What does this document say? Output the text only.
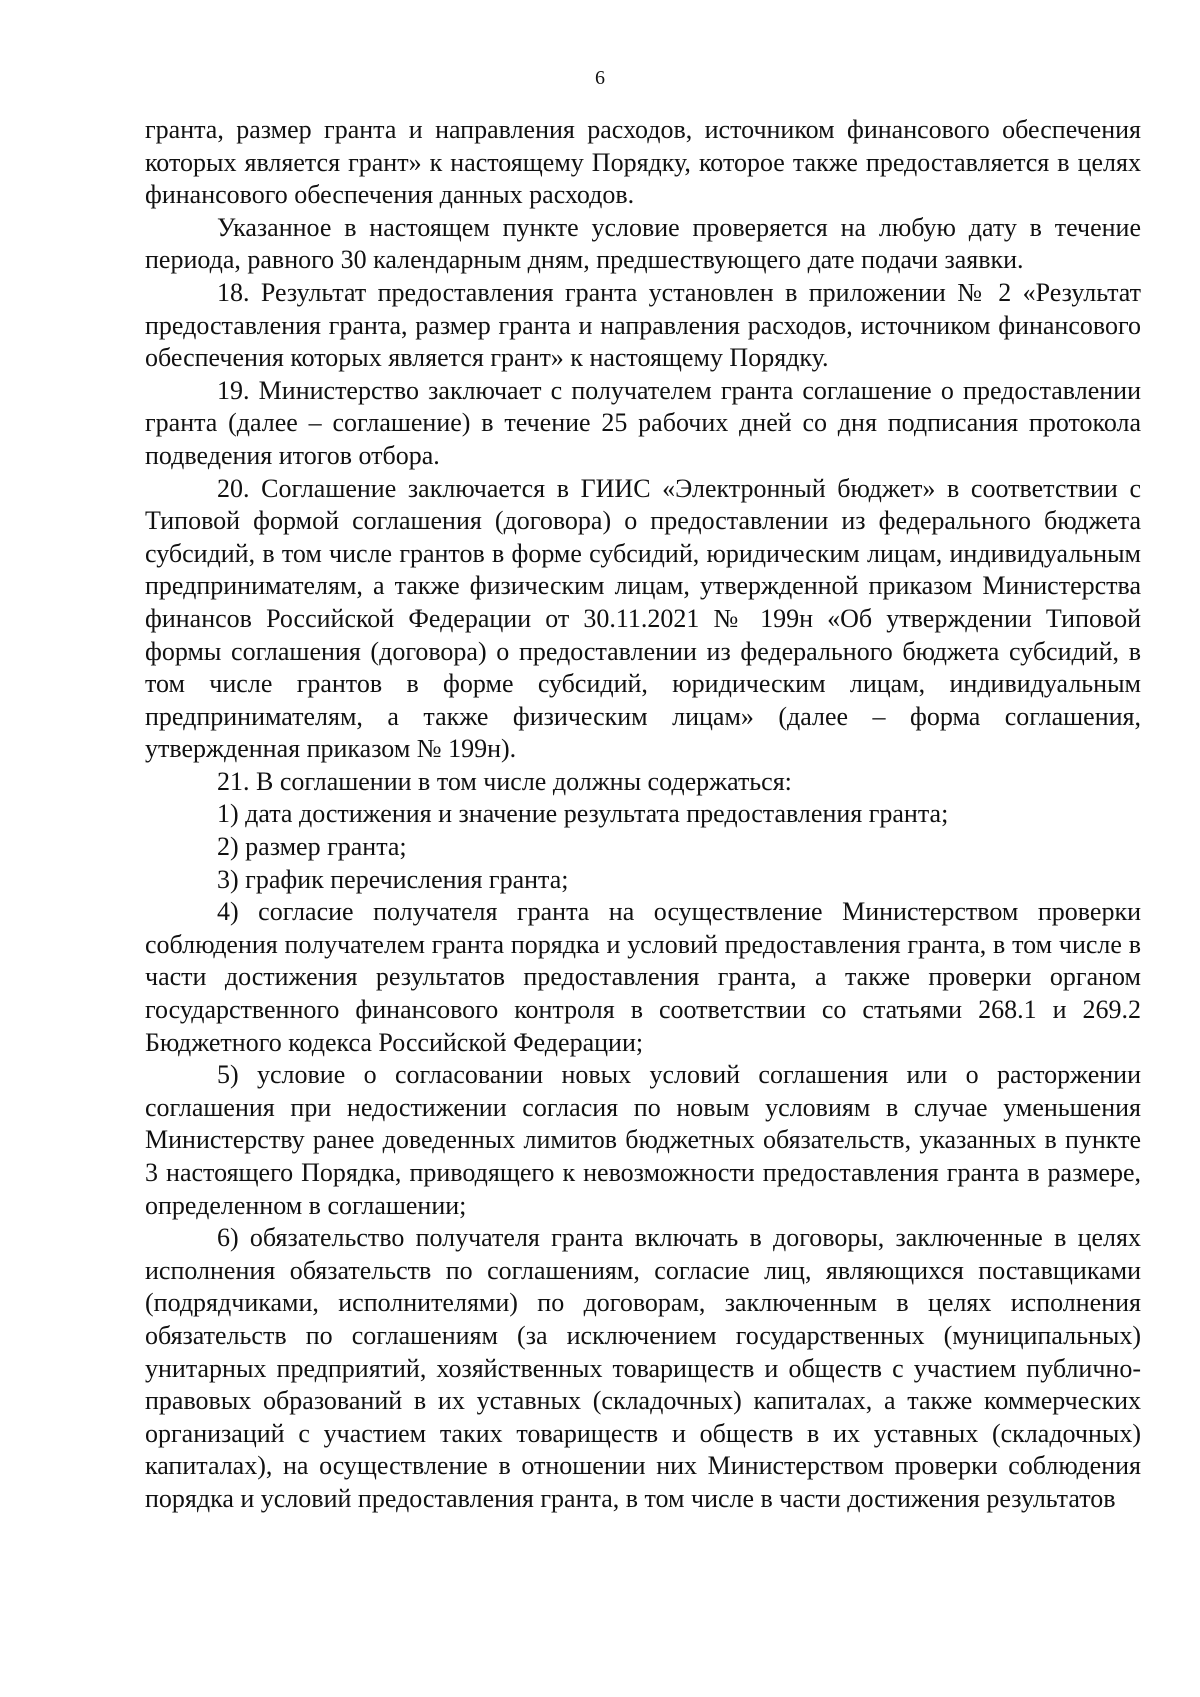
6

гранта, размер гранта и направления расходов, источником финансового обеспечения которых является грант» к настоящему Порядку, которое также предоставляется в целях финансового обеспечения данных расходов.

Указанное в настоящем пункте условие проверяется на любую дату в течение периода, равного 30 календарным дням, предшествующего дате подачи заявки.

18. Результат предоставления гранта установлен в приложении № 2 «Результат предоставления гранта, размер гранта и направления расходов, источником финансового обеспечения которых является грант» к настоящему Порядку.

19. Министерство заключает с получателем гранта соглашение о предоставлении гранта (далее – соглашение) в течение 25 рабочих дней со дня подписания протокола подведения итогов отбора.

20. Соглашение заключается в ГИИС «Электронный бюджет» в соответствии с Типовой формой соглашения (договора) о предоставлении из федерального бюджета субсидий, в том числе грантов в форме субсидий, юридическим лицам, индивидуальным предпринимателям, а также физическим лицам, утвержденной приказом Министерства финансов Российской Федерации от 30.11.2021 № 199н «Об утверждении Типовой формы соглашения (договора) о предоставлении из федерального бюджета субсидий, в том числе грантов в форме субсидий, юридическим лицам, индивидуальным предпринимателям, а также физическим лицам» (далее – форма соглашения, утвержденная приказом № 199н).

21. В соглашении в том числе должны содержаться:

1) дата достижения и значение результата предоставления гранта;

2) размер гранта;

3) график перечисления гранта;

4) согласие получателя гранта на осуществление Министерством проверки соблюдения получателем гранта порядка и условий предоставления гранта, в том числе в части достижения результатов предоставления гранта, а также проверки органом государственного финансового контроля в соответствии со статьями 268.1 и 269.2 Бюджетного кодекса Российской Федерации;

5) условие о согласовании новых условий соглашения или о расторжении соглашения при недостижении согласия по новым условиям в случае уменьшения Министерству ранее доведенных лимитов бюджетных обязательств, указанных в пункте 3 настоящего Порядка, приводящего к невозможности предоставления гранта в размере, определенном в соглашении;

6) обязательство получателя гранта включать в договоры, заключенные в целях исполнения обязательств по соглашениям, согласие лиц, являющихся поставщиками (подрядчиками, исполнителями) по договорам, заключенным в целях исполнения обязательств по соглашениям (за исключением государственных (муниципальных) унитарных предприятий, хозяйственных товариществ и обществ с участием публично-правовых образований в их уставных (складочных) капиталах, а также коммерческих организаций с участием таких товариществ и обществ в их уставных (складочных) капиталах), на осуществление в отношении них Министерством проверки соблюдения порядка и условий предоставления гранта, в том числе в части достижения результатов
